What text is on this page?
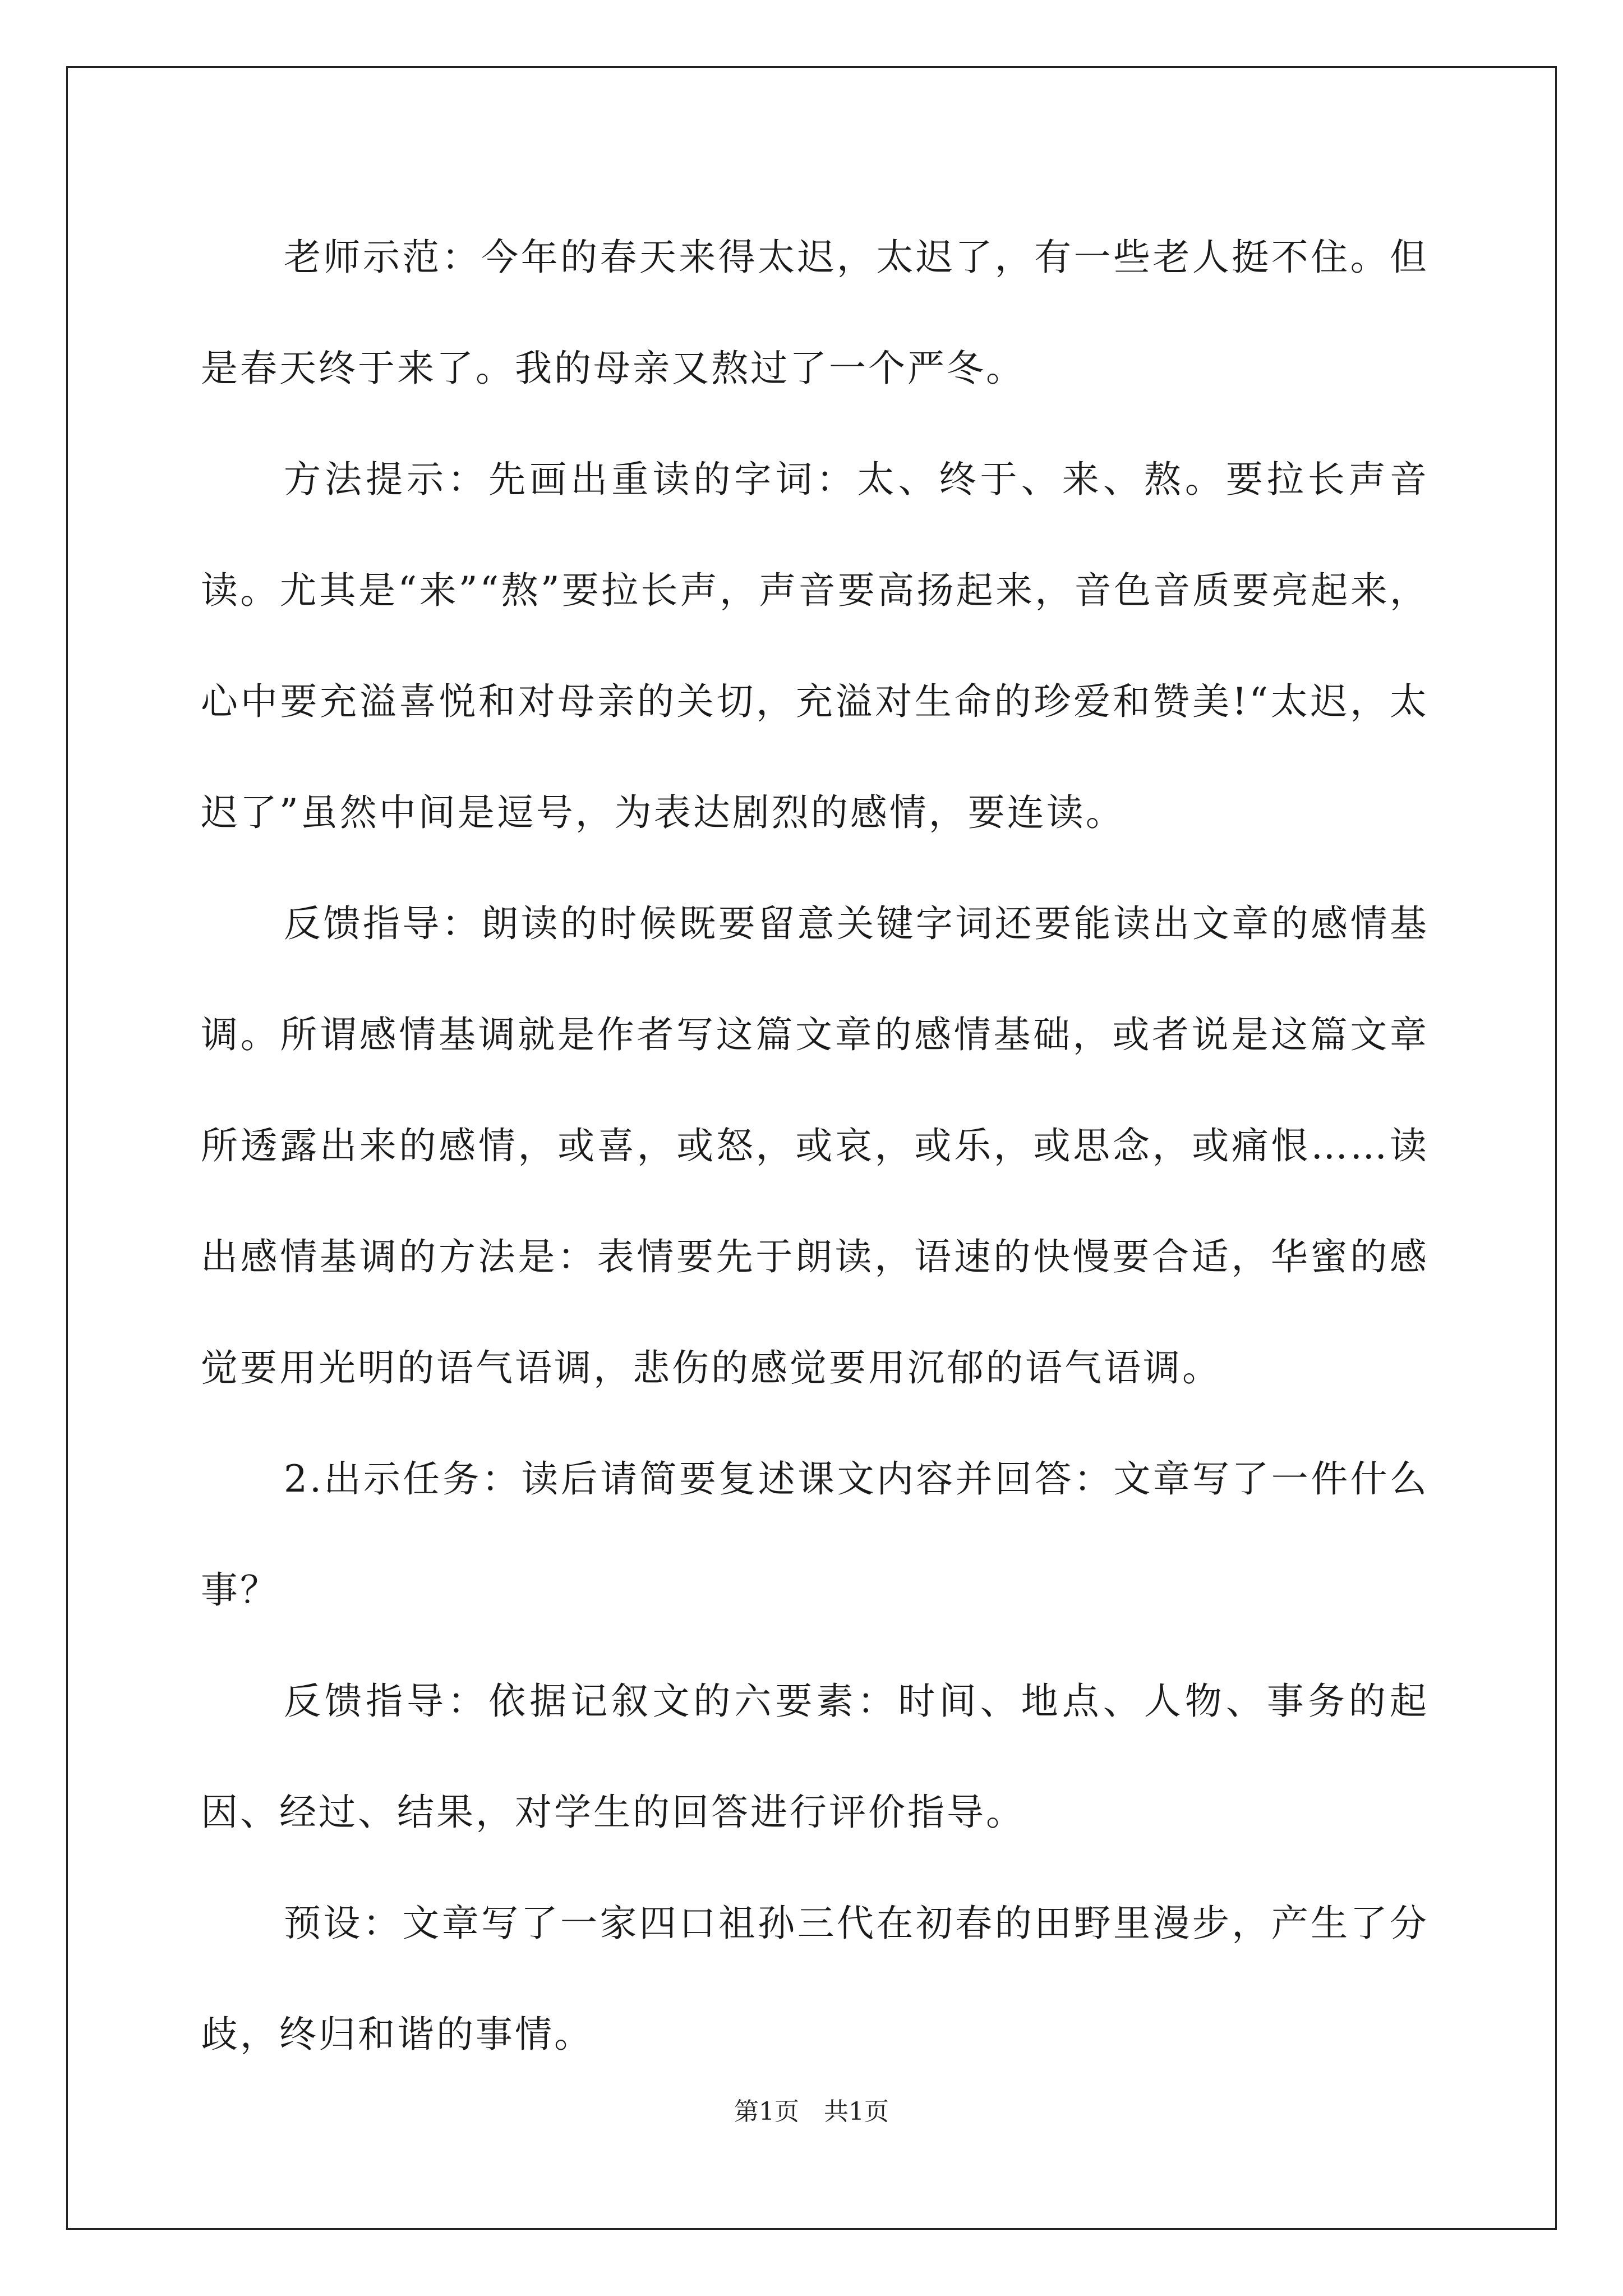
老师示范：今年的春天来得太迟，太迟了，有一些老人挺不住。但是春天终于来了。我的母亲又熬过了一个严冬。

方法提示：先画出重读的字词：太、终于、来、熬。要拉长声音读。尤其是“来”“熬”要拉长声，声音要高扬起来，音色音质要亮起来，心中要充溢喜悦和对母亲的关切，充溢对生命的珍爱和赞美!“太迟，太迟了”虽然中间是逗号，为表达剧烈的感情，要连读。

反馈指导：朗读的时候既要留意关键字词还要能读出文章的感情基调。所谓感情基调就是作者写这篇文章的感情基础，或者说是这篇文章所透露出来的感情，或喜，或怒，或哀，或乐，或思念，或痛恨……读出感情基调的方法是：表情要先于朗读，语速的快慢要合适，华蜜的感觉要用光明的语气语调，悲伤的感觉要用沉郁的语气语调。

2.出示任务：读后请简要复述课文内容并回答：文章写了一件什么事？

反馈指导：依据记叙文的六要素：时间、地点、人物、事务的起因、经过、结果，对学生的回答进行评价指导。

预设：文章写了一家四口祖孙三代在初春的田野里漫步，产生了分歧，终归和谐的事情。

第1页　共1页
